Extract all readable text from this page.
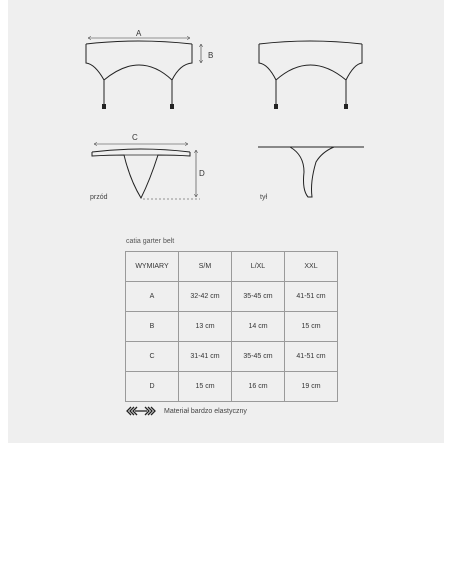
A
B
C
D
przód	tył
catia garter belt
WYMIARY	S/M	L/XL	XXL
A	32-42 cm	35-45 cm	41-51 cm
B	13 cm	14 cm	15 cm
C	31-41 cm	35-45 cm	41-51 cm
D	15 cm	16 cm	19 cm
Materiał bardzo elastyczny
